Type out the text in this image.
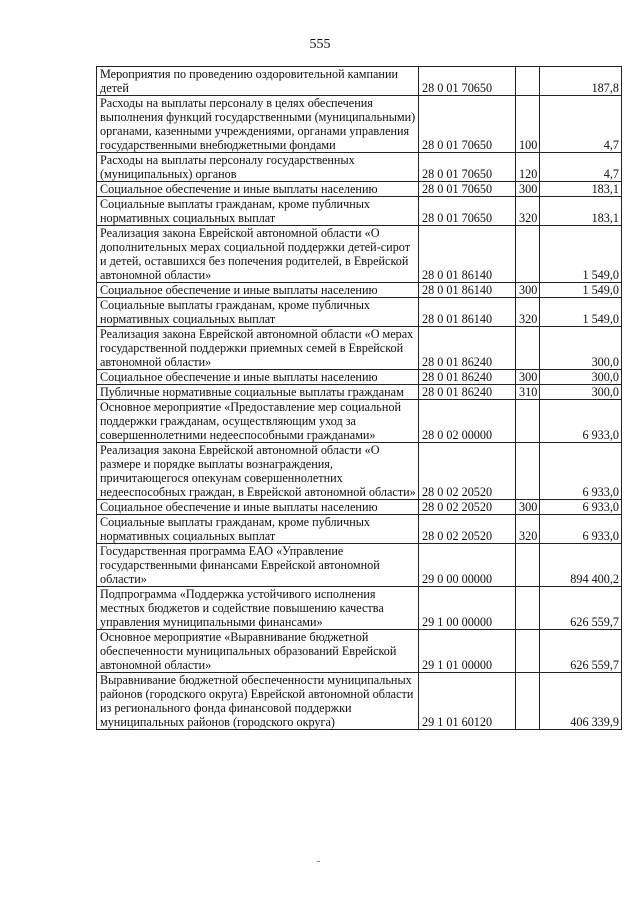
555
Мероприятия по проведению оздоровительной кампании детей	28 0 01 70650		187,8
Расходы на выплаты персоналу в целях обеспечения выполнения функций государственными (муниципальными) органами, казенными учреждениями, органами управления государственными внебюджетными фондами	28 0 01 70650	100	4,7
Расходы на выплаты персоналу государственных (муниципальных) органов	28 0 01 70650	120	4,7
Социальное обеспечение и иные выплаты населению	28 0 01 70650	300	183,1
Социальные выплаты гражданам, кроме публичных нормативных социальных выплат	28 0 01 70650	320	183,1
Реализация закона Еврейской автономной области «О дополнительных мерах социальной поддержки детей-сирот и детей, оставшихся без попечения родителей, в Еврейской автономной области»	28 0 01 86140		1 549,0
Социальное обеспечение и иные выплаты населению	28 0 01 86140	300	1 549,0
Социальные выплаты гражданам, кроме публичных нормативных социальных выплат	28 0 01 86140	320	1 549,0
Реализация закона Еврейской автономной области «О мерах государственной поддержки приемных семей в Еврейской автономной области»	28 0 01 86240		300,0
Социальное обеспечение и иные выплаты населению	28 0 01 86240	300	300,0
Публичные нормативные социальные выплаты гражданам	28 0 01 86240	310	300,0
Основное мероприятие «Предоставление мер социальной поддержки гражданам, осуществляющим уход за совершеннолетними недееспособными гражданами»	28 0 02 00000		6 933,0
Реализация закона Еврейской автономной области «О размере и порядке выплаты вознаграждения, причитающегося опекунам совершеннолетних недееспособных граждан, в Еврейской автономной области»	28 0 02 20520		6 933,0
Социальное обеспечение и иные выплаты населению	28 0 02 20520	300	6 933,0
Социальные выплаты гражданам, кроме публичных нормативных социальных выплат	28 0 02 20520	320	6 933,0
Государственная программа ЕАО «Управление государственными финансами Еврейской автономной области»	29 0 00 00000		894 400,2
Подпрограмма «Поддержка устойчивого исполнения местных бюджетов и содействие повышению качества управления муниципальными финансами»	29 1 00 00000		626 559,7
Основное мероприятие «Выравнивание бюджетной обеспеченности муниципальных образований Еврейской автономной области»	29 1 01 00000		626 559,7
Выравнивание бюджетной обеспеченности муниципальных районов (городского округа) Еврейской автономной области из регионального фонда финансовой поддержки муниципальных районов (городского округа)	29 1 01 60120		406 339,9
